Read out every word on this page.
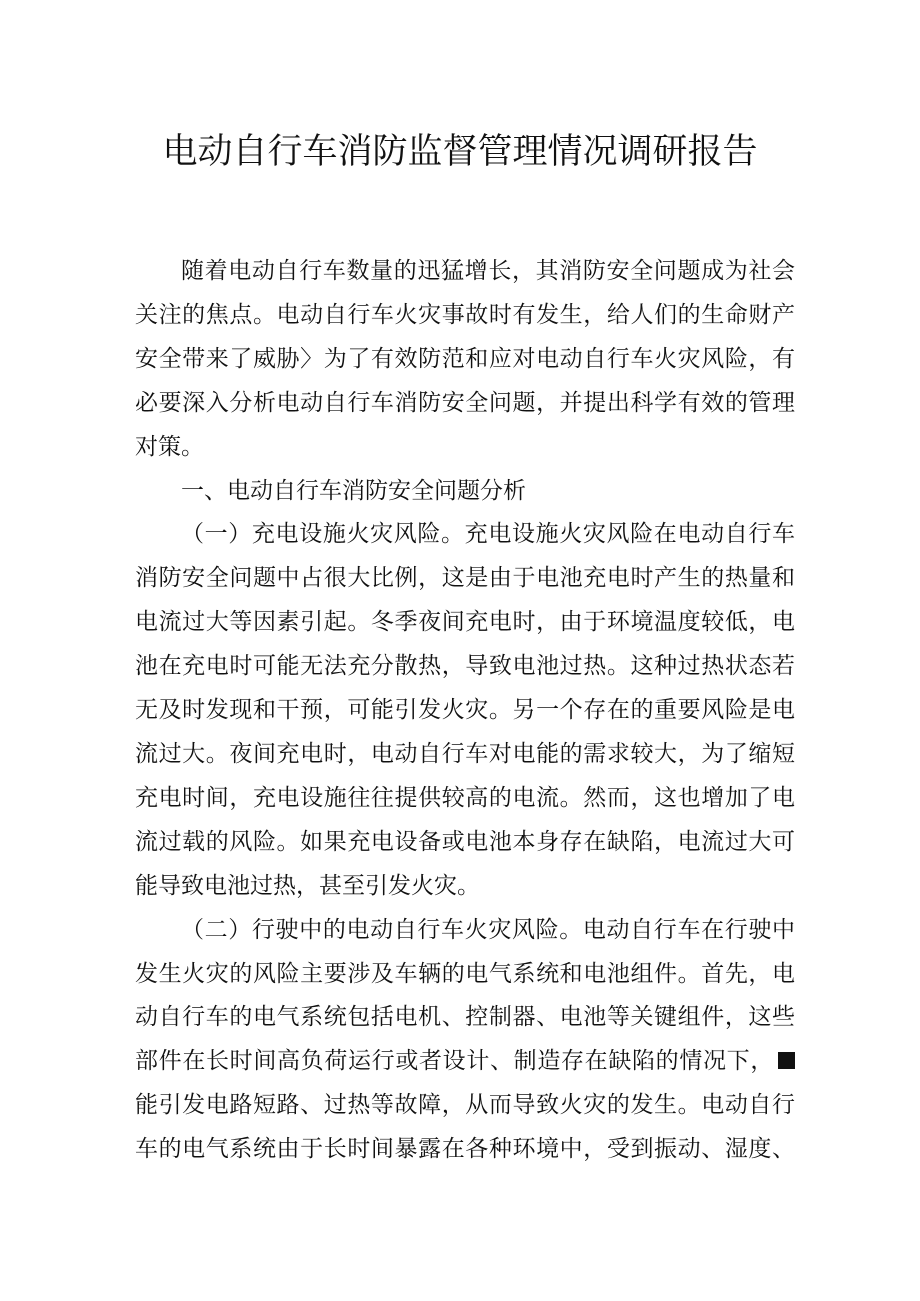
电动自行车消防监督管理情况调研报告
随着电动自行车数量的迅猛增长，其消防安全问题成为社会
关注的焦点。电动自行车火灾事故时有发生，给人们的生命财产
安全带来了威胁〉为了有效防范和应对电动自行车火灾风险，有
必要深入分析电动自行车消防安全问题，并提出科学有效的管理
对策。
一、电动自行车消防安全问题分析
（一）充电设施火灾风险。充电设施火灾风险在电动自行车
消防安全问题中占很大比例，这是由于电池充电时产生的热量和
电流过大等因素引起。冬季夜间充电时，由于环境温度较低，电
池在充电时可能无法充分散热，导致电池过热。这种过热状态若
无及时发现和干预，可能引发火灾。另一个存在的重要风险是电
流过大。夜间充电时，电动自行车对电能的需求较大，为了缩短
充电时间，充电设施往往提供较高的电流。然而，这也增加了电
流过载的风险。如果充电设备或电池本身存在缺陷，电流过大可
能导致电池过热，甚至引发火灾。
（二）行驶中的电动自行车火灾风险。电动自行车在行驶中
发生火灾的风险主要涉及车辆的电气系统和电池组件。首先，电
动自行车的电气系统包括电机、控制器、电池等关键组件，这些
部件在长时间高负荷运行或者设计、制造存在缺陷的情况下，
能引发电路短路、过热等故障，从而导致火灾的发生。电动自行
车的电气系统由于长时间暴露在各种环境中，受到振动、湿度、
